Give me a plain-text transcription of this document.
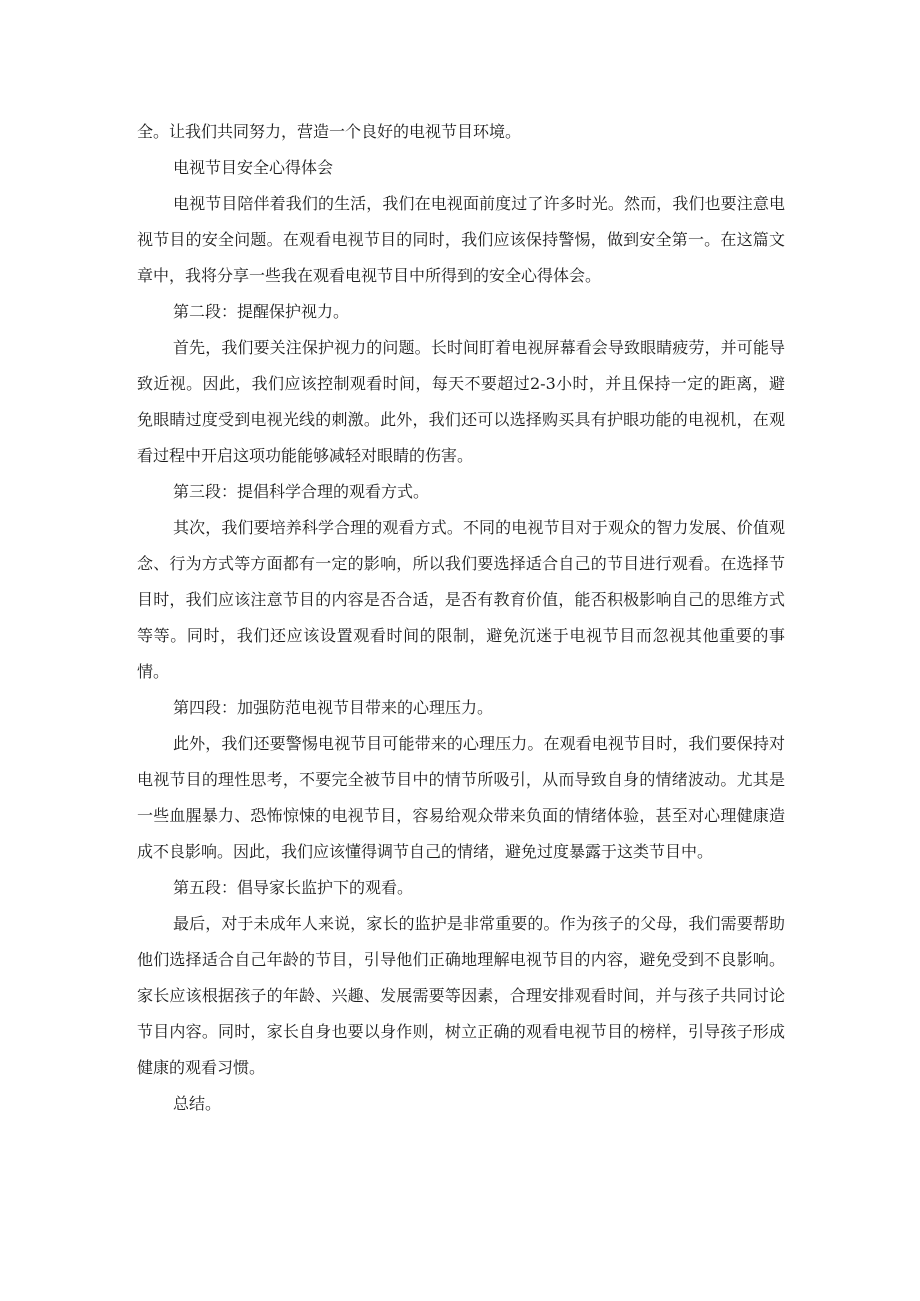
全。让我们共同努力，营造一个良好的电视节目环境。

电视节目安全心得体会

电视节目陪伴着我们的生活，我们在电视面前度过了许多时光。然而，我们也要注意电视节目的安全问题。在观看电视节目的同时，我们应该保持警惕，做到安全第一。在这篇文章中，我将分享一些我在观看电视节目中所得到的安全心得体会。

第二段：提醒保护视力。

首先，我们要关注保护视力的问题。长时间盯着电视屏幕看会导致眼睛疲劳，并可能导致近视。因此，我们应该控制观看时间，每天不要超过2-3小时，并且保持一定的距离，避免眼睛过度受到电视光线的刺激。此外，我们还可以选择购买具有护眼功能的电视机，在观看过程中开启这项功能能够减轻对眼睛的伤害。

第三段：提倡科学合理的观看方式。

其次，我们要培养科学合理的观看方式。不同的电视节目对于观众的智力发展、价值观念、行为方式等方面都有一定的影响，所以我们要选择适合自己的节目进行观看。在选择节目时，我们应该注意节目的内容是否合适，是否有教育价值，能否积极影响自己的思维方式等等。同时，我们还应该设置观看时间的限制，避免沉迷于电视节目而忽视其他重要的事情。

第四段：加强防范电视节目带来的心理压力。

此外，我们还要警惕电视节目可能带来的心理压力。在观看电视节目时，我们要保持对电视节目的理性思考，不要完全被节目中的情节所吸引，从而导致自身的情绪波动。尤其是一些血腥暴力、恐怖惊悚的电视节目，容易给观众带来负面的情绪体验，甚至对心理健康造成不良影响。因此，我们应该懂得调节自己的情绪，避免过度暴露于这类节目中。

第五段：倡导家长监护下的观看。

最后，对于未成年人来说，家长的监护是非常重要的。作为孩子的父母，我们需要帮助他们选择适合自己年龄的节目，引导他们正确地理解电视节目的内容，避免受到不良影响。家长应该根据孩子的年龄、兴趣、发展需要等因素，合理安排观看时间，并与孩子共同讨论节目内容。同时，家长自身也要以身作则，树立正确的观看电视节目的榜样，引导孩子形成健康的观看习惯。

总结。
